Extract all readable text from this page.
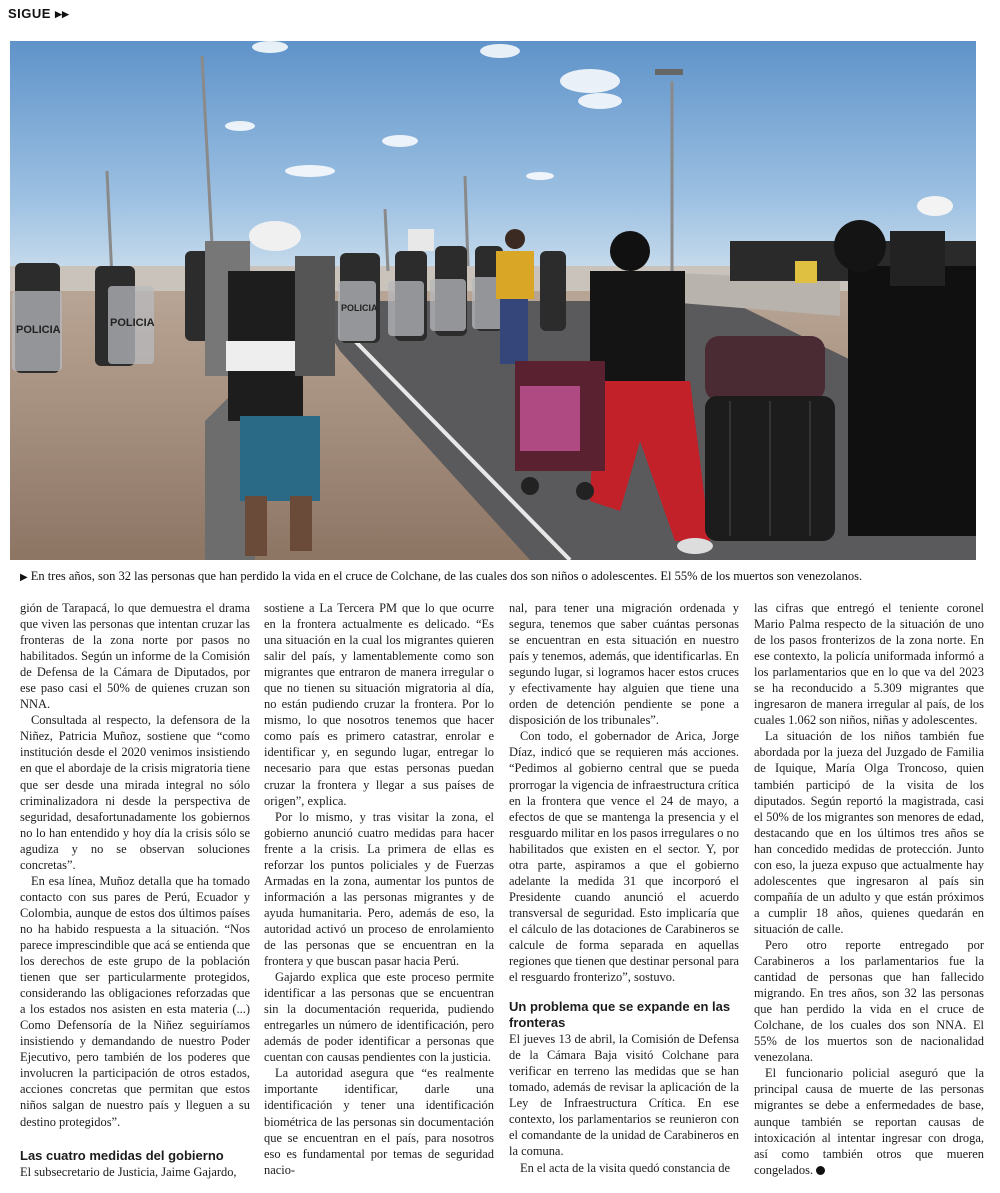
SIGUE ▸▸
POLICIA
POLICIA
POLICIA
▶ En tres años, son 32 las personas que han perdido la vida en el cruce de Colchane, de las cuales dos son niños o adolescentes. El 55% de los muertos son venezolanos.

gión de Tarapacá, lo que demuestra el drama que viven las personas que intentan cruzar las fronteras de la zona norte por pasos no habilitados. Según un informe de la Comisión de Defensa de la Cámara de Diputados, por ese paso casi el 50% de quienes cruzan son NNA.

Consultada al respecto, la defensora de la Niñez, Patricia Muñoz, sostiene que “como institución desde el 2020 venimos insistiendo en que el abordaje de la crisis migratoria tiene que ser desde una mirada integral no sólo criminalizadora ni desde la perspectiva de seguridad, desafortunadamente los gobiernos no lo han entendido y hoy día la crisis sólo se agudiza y no se observan soluciones concretas”.

En esa línea, Muñoz detalla que ha tomado contacto con sus pares de Perú, Ecuador y Colombia, aunque de estos dos últimos países no ha habido respuesta a la situación. “Nos parece imprescindible que acá se entienda que los derechos de este grupo de la población tienen que ser particularmente protegidos, considerando las obligaciones reforzadas que a los estados nos asisten en esta materia (...) Como Defensoría de la Niñez seguiríamos insistiendo y demandando de nuestro Poder Ejecutivo, pero también de los poderes que involucren la participación de otros estados, acciones concretas que permitan que estos niños salgan de nuestro país y lleguen a su destino protegidos”.

Las cuatro medidas del gobierno

El subsecretario de Justicia, Jaime Gajardo,

sostiene a La Tercera PM que lo que ocurre en la frontera actualmente es delicado. “Es una situación en la cual los migrantes quieren salir del país, y lamentablemente como son migrantes que entraron de manera irregular o que no tienen su situación migratoria al día, no están pudiendo cruzar la frontera. Por lo mismo, lo que nosotros tenemos que hacer como país es primero catastrar, enrolar e identificar y, en segundo lugar, entregar lo necesario para que estas personas puedan cruzar la frontera y llegar a sus países de origen”, explica.

Por lo mismo, y tras visitar la zona, el gobierno anunció cuatro medidas para hacer frente a la crisis. La primera de ellas es reforzar los puntos policiales y de Fuerzas Armadas en la zona, aumentar los puntos de información a las personas migrantes y de ayuda humanitaria. Pero, además de eso, la autoridad activó un proceso de enrolamiento de las personas que se encuentran en la frontera y que buscan pasar hacia Perú.

Gajardo explica que este proceso permite identificar a las personas que se encuentran sin la documentación requerida, pudiendo entregarles un número de identificación, pero además de poder identificar a personas que cuentan con causas pendientes con la justicia.

La autoridad asegura que “es realmente importante identificar, darle una identificación y tener una identificación biométrica de las personas sin documentación que se encuentran en el país, para nosotros eso es fundamental por temas de seguridad nacio-

nal, para tener una migración ordenada y segura, tenemos que saber cuántas personas se encuentran en esta situación en nuestro país y tenemos, además, que identificarlas. En segundo lugar, si logramos hacer estos cruces y efectivamente hay alguien que tiene una orden de detención pendiente se pone a disposición de los tribunales”.

Con todo, el gobernador de Arica, Jorge Díaz, indicó que se requieren más acciones. “Pedimos al gobierno central que se pueda prorrogar la vigencia de infraestructura crítica en la frontera que vence el 24 de mayo, a efectos de que se mantenga la presencia y el resguardo militar en los pasos irregulares o no habilitados que existen en el sector. Y, por otra parte, aspiramos a que el gobierno adelante la medida 31 que incorporó el Presidente cuando anunció el acuerdo transversal de seguridad. Esto implicaría que el cálculo de las dotaciones de Carabineros se calcule de forma separada en aquellas regiones que tienen que destinar personal para el resguardo fronterizo”, sostuvo.

Un problema que se expande en las fronteras

El jueves 13 de abril, la Comisión de Defensa de la Cámara Baja visitó Colchane para verificar en terreno las medidas que se han tomado, además de revisar la aplicación de la Ley de Infraestructura Crítica. En ese contexto, los parlamentarios se reunieron con el comandante de la unidad de Carabineros en la comuna.

En el acta de la visita quedó constancia de

las cifras que entregó el teniente coronel Mario Palma respecto de la situación de uno de los pasos fronterizos de la zona norte. En ese contexto, la policía uniformada informó a los parlamentarios que en lo que va del 2023 se ha reconducido a 5.309 migrantes que ingresaron de manera irregular al país, de los cuales 1.062 son niños, niñas y adolescentes.

La situación de los niños también fue abordada por la jueza del Juzgado de Familia de Iquique, María Olga Troncoso, quien también participó de la visita de los diputados. Según reportó la magistrada, casi el 50% de los migrantes son menores de edad, destacando que en los últimos tres años se han concedido medidas de protección. Junto con eso, la jueza expuso que actualmente hay adolescentes que ingresaron al país sin compañía de un adulto y que están próximos a cumplir 18 años, quienes quedarán en situación de calle.

Pero otro reporte entregado por Carabineros a los parlamentarios fue la cantidad de personas que han fallecido migrando. En tres años, son 32 las personas que han perdido la vida en el cruce de Colchane, de los cuales dos son NNA. El 55% de los muertos son de nacionalidad venezolana.

El funcionario policial aseguró que la principal causa de muerte de las personas migrantes se debe a enfermedades de base, aunque también se reportan causas de intoxicación al intentar ingresar con droga, así como también otros que mueren congelados.
